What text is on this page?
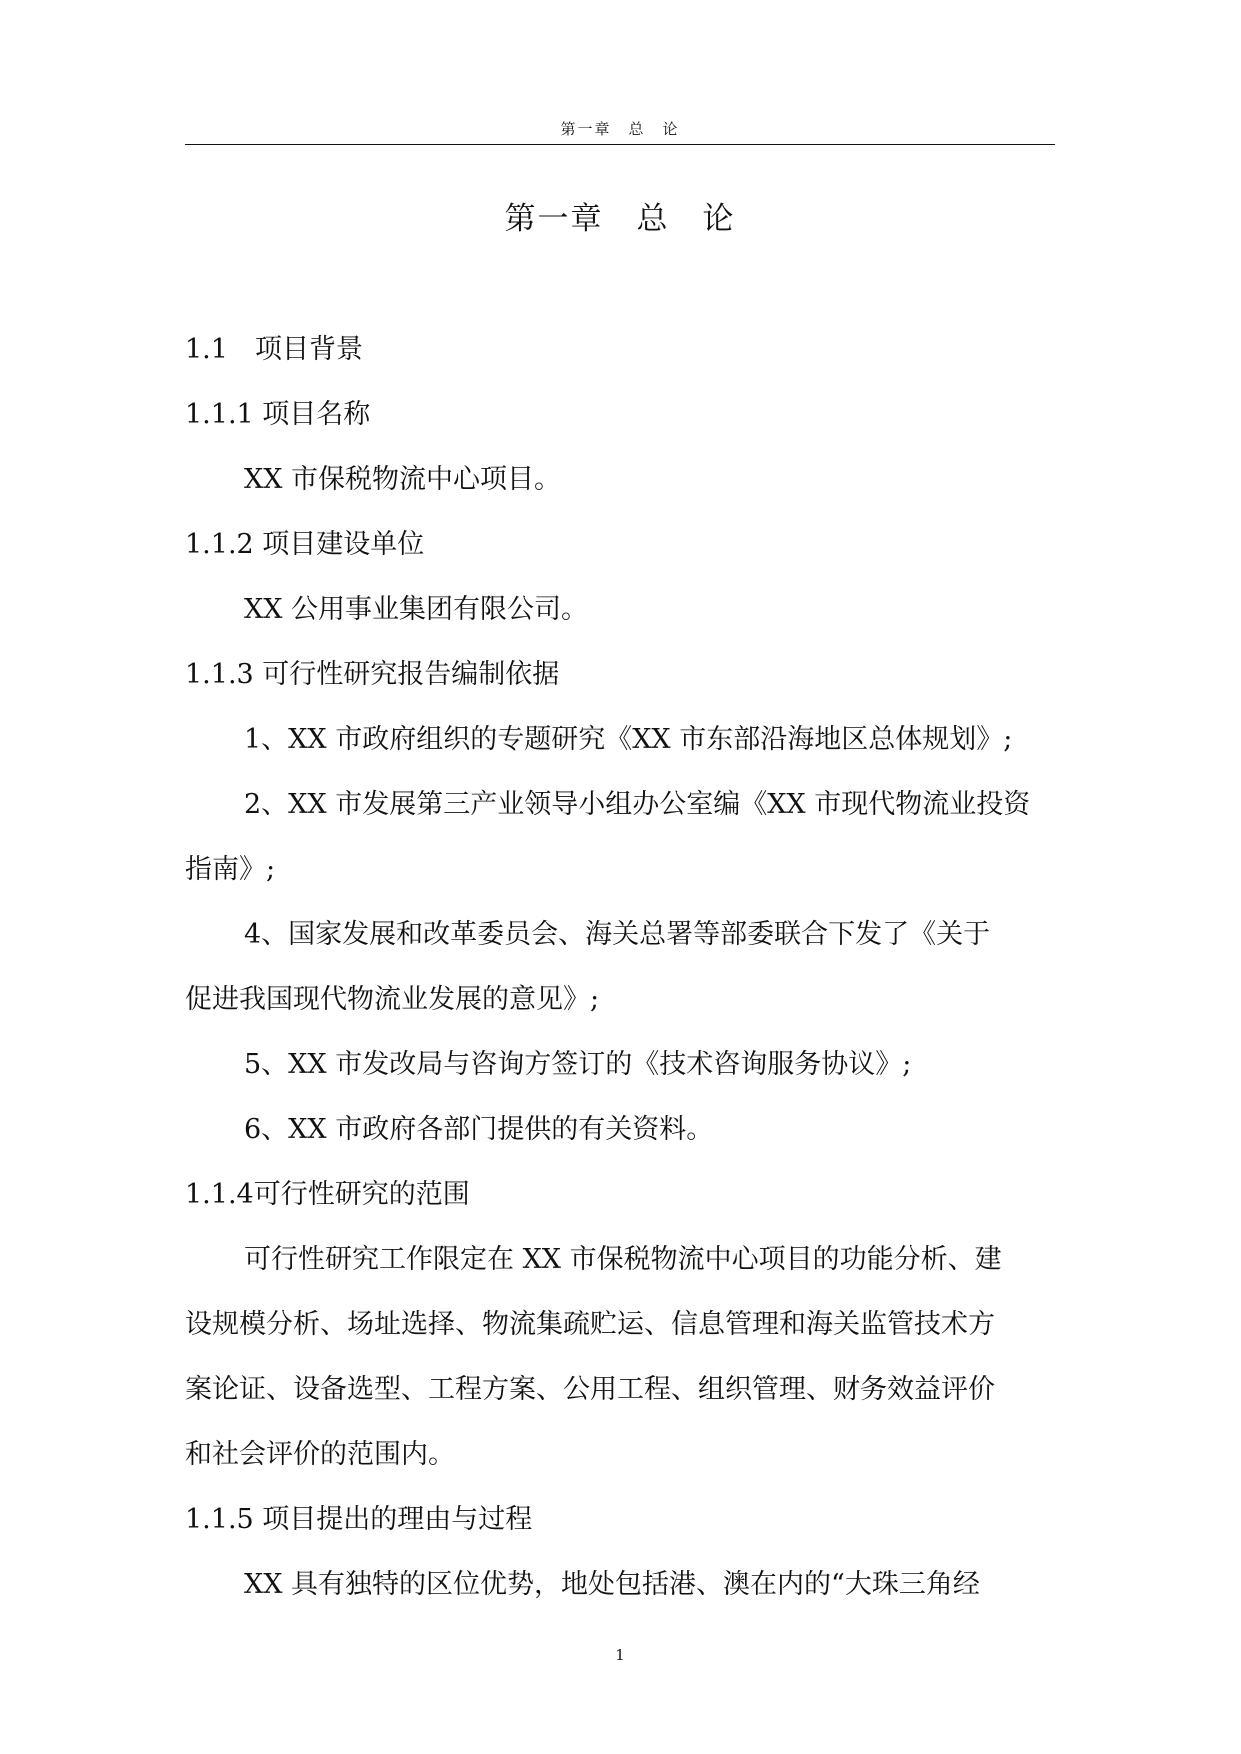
第一章　总　论
第一章　总　论

1.1　项目背景

1.1.1 项目名称

XX 市保税物流中心项目。

1.1.2 项目建设单位

XX 公用事业集团有限公司。

1.1.3 可行性研究报告编制依据

1、XX 市政府组织的专题研究《XX 市东部沿海地区总体规划》;

2、XX 市发展第三产业领导小组办公室编《XX 市现代物流业投资

指南》;

4、国家发展和改革委员会、海关总署等部委联合下发了《关于

促进我国现代物流业发展的意见》;

5、XX 市发改局与咨询方签订的《技术咨询服务协议》;

6、XX 市政府各部门提供的有关资料。

1.1.4可行性研究的范围

可行性研究工作限定在 XX 市保税物流中心项目的功能分析、建

设规模分析、场址选择、物流集疏贮运、信息管理和海关监管技术方

案论证、设备选型、工程方案、公用工程、组织管理、财务效益评价

和社会评价的范围内。

1.1.5 项目提出的理由与过程

XX 具有独特的区位优势，地处包括港、澳在内的“大珠三角经

1
